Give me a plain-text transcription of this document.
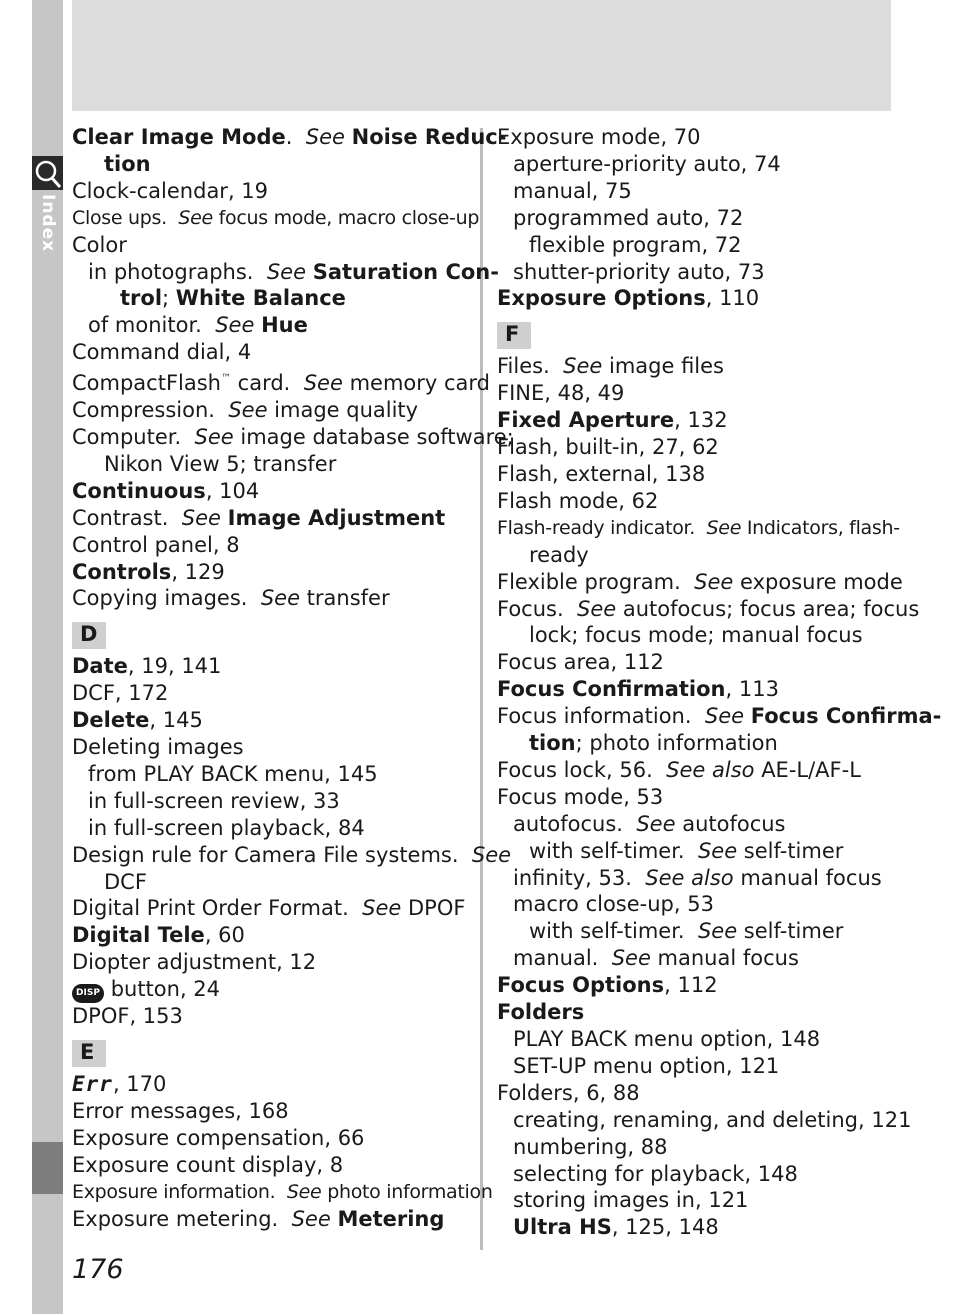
Index
Clear Image Mode.  See Noise Reduc-
tion
Clock-calendar, 19
Close ups. See focus mode, macro close-up
Color
in photographs. See Saturation Con-
trol; White Balance
of monitor. See Hue
Command dial, 4
CompactFlash™ card. See memory card
Compression. See image quality
Computer. See image database software;
Nikon View 5; transfer
Continuous, 104
Contrast. See Image Adjustment
Control panel, 8
Controls, 129
Copying images. See transfer
D
Date, 19, 141
DCF, 172
Delete, 145
Deleting images
from PLAY BACK menu, 145
in full-screen review, 33
in full-screen playback, 84
Design rule for Camera File systems. See
DCF
Digital Print Order Format. See DPOF
Digital Tele, 60
Diopter adjustment, 12
DISP button, 24
DPOF, 153
E
Err, 170
Error messages, 168
Exposure compensation, 66
Exposure count display, 8
Exposure information. See photo information
Exposure metering. See Metering
Exposure mode, 70
aperture-priority auto, 74
manual, 75
programmed auto, 72
flexible program, 72
shutter-priority auto, 73
Exposure Options, 110
F
Files. See image files
FINE, 48, 49
Fixed Aperture, 132
Flash, built-in, 27, 62
Flash, external, 138
Flash mode, 62
Flash-ready indicator. See Indicators, flash-
ready
Flexible program. See exposure mode
Focus. See autofocus; focus area; focus
lock; focus mode; manual focus
Focus area, 112
Focus Confirmation, 113
Focus information. See Focus Confirma-
tion; photo information
Focus lock, 56. See also AE-L/AF-L
Focus mode, 53
autofocus. See autofocus
with self-timer. See self-timer
infinity, 53. See also manual focus
macro close-up, 53
with self-timer. See self-timer
manual. See manual focus
Focus Options, 112
Folders
PLAY BACK menu option, 148
SET-UP menu option, 121
Folders, 6, 88
creating, renaming, and deleting, 121
numbering, 88
selecting for playback, 148
storing images in, 121
Ultra HS, 125, 148
176
